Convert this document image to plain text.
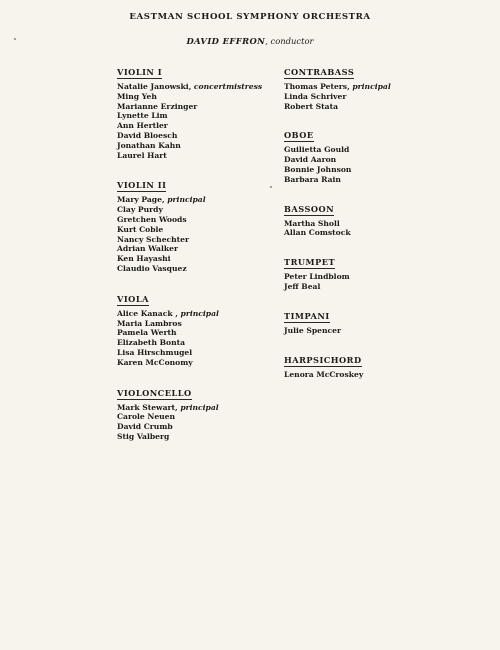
EASTMAN SCHOOL SYMPHONY ORCHESTRA
DAVID EFFRON, conductor
VIOLIN I
Natalie Janowski, concertmistress
Ming Yeh
Marianne Erzinger
Lynette Lim
Ann Hertler
David Bloesch
Jonathan Kahn
Laurel Hart
VIOLIN II
Mary Page, principal
Clay Purdy
Gretchen Woods
Kurt Coble
Nancy Schechter
Adrian Walker
Ken Hayashi
Claudio Vasquez
VIOLA
Alice Kanack , principal
Maria Lambros
Pamela Werth
Elizabeth Bonta
Lisa Hirschmugel
Karen McConomy
VIOLONCELLO
Mark Stewart, principal
Carole Neuen
David Crumb
Stig Valberg
CONTRABASS
Thomas Peters, principal
Linda Schriver
Robert Stata
OBOE
Guilietta Gould
David Aaron
Bonnie Johnson
Barbara Rain
BASSOON
Martha Sholl
Allan Comstock
TRUMPET
Peter Lindblom
Jeff Beal
TIMPANI
Julie Spencer
HARPSICHORD
Lenora McCroskey
